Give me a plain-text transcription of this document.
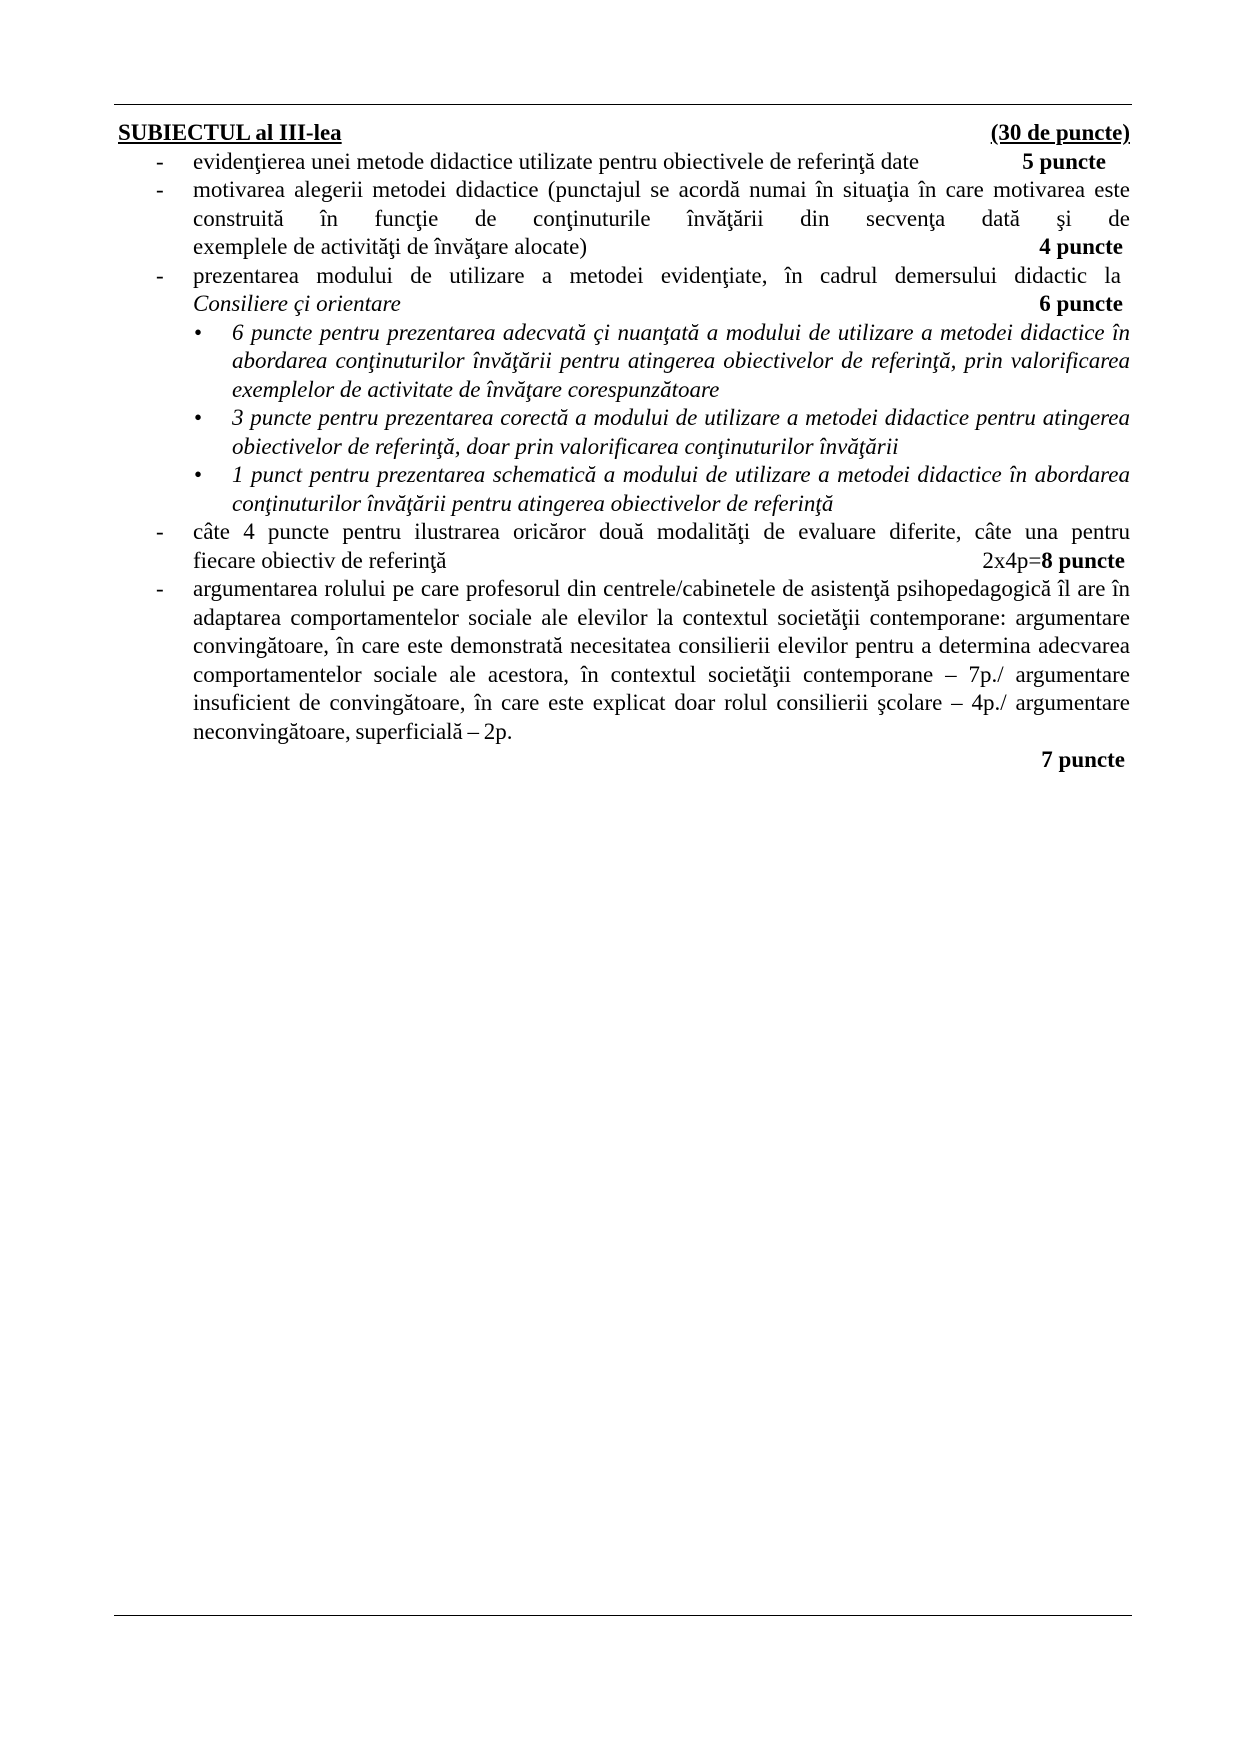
SUBIECTUL al III-lea	(30 de puncte)
- evidenţierea unei metode didactice utilizate pentru obiectivele de referinţă date	5 puncte
- motivarea alegerii metodei didactice (punctajul se acordă numai în situaţia în care motivarea este construită în funcţie de conţinuturile învăţării din secvenţa dată şi de
exemplele de activităţi de învăţare alocate)	4 puncte
- prezentarea modului de utilizare a metodei evidenţiate, în cadrul demersului didactic la
Consiliere çi orientare	6 puncte
• 6 puncte pentru prezentarea adecvată çi nuanţată a modului de utilizare a metodei didactice în abordarea conţinuturilor învăţării pentru atingerea obiectivelor de referinţă, prin valorificarea exemplelor de activitate de învăţare corespunzătoare
• 3 puncte pentru prezentarea corectă a modului de utilizare a metodei didactice pentru atingerea obiectivelor de referinţă, doar prin valorificarea conţinuturilor învăţării
• 1 punct pentru prezentarea schematică a modului de utilizare a metodei didactice în abordarea conţinuturilor învăţării pentru atingerea obiectivelor de referinţă
- câte 4 puncte pentru ilustrarea oricăror două modalităţi de evaluare diferite, câte una pentru
fiecare obiectiv de referinţă	2x4p=8 puncte
- argumentarea rolului pe care profesorul din centrele/cabinetele de asistenţă psihopedagogică îl are în adaptarea comportamentelor sociale ale elevilor la contextul societăţii contemporane: argumentare convingătoare, în care este demonstrată necesitatea consilierii elevilor pentru a determina adecvarea comportamentelor sociale ale acestora, în contextul societăţii contemporane – 7p./ argumentare insuficient de convingătoare, în care este explicat doar rolul consilierii şcolare – 4p./ argumentare neconvingătoare, superficială – 2p.
7 puncte
